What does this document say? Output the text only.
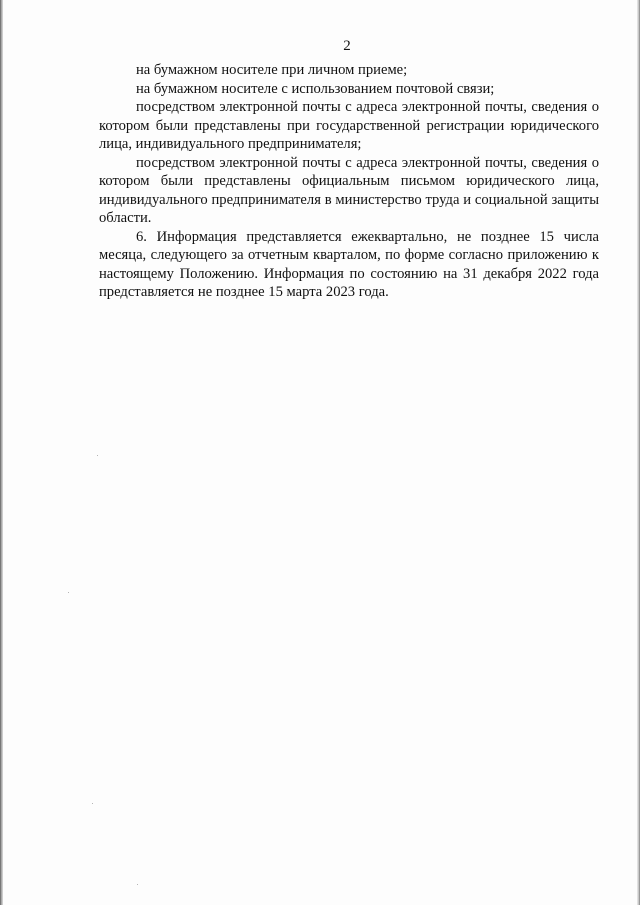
2

на бумажном носителе при личном приеме;

на бумажном носителе с использованием почтовой связи;

посредством электронной почты с адреса электронной почты, сведения о котором были представлены при государственной регистрации юридического лица, индивидуального предпринимателя;

посредством электронной почты с адреса электронной почты, сведения о котором были представлены официальным письмом юридического лица, индивидуального предпринимателя в министерство труда и социальной защиты области.

6. Информация представляется ежеквартально, не позднее 15 числа месяца, следующего за отчетным кварталом, по форме согласно приложению к настоящему Положению. Информация по состоянию на 31 декабря 2022 года представляется не позднее 15 марта 2023 года.
